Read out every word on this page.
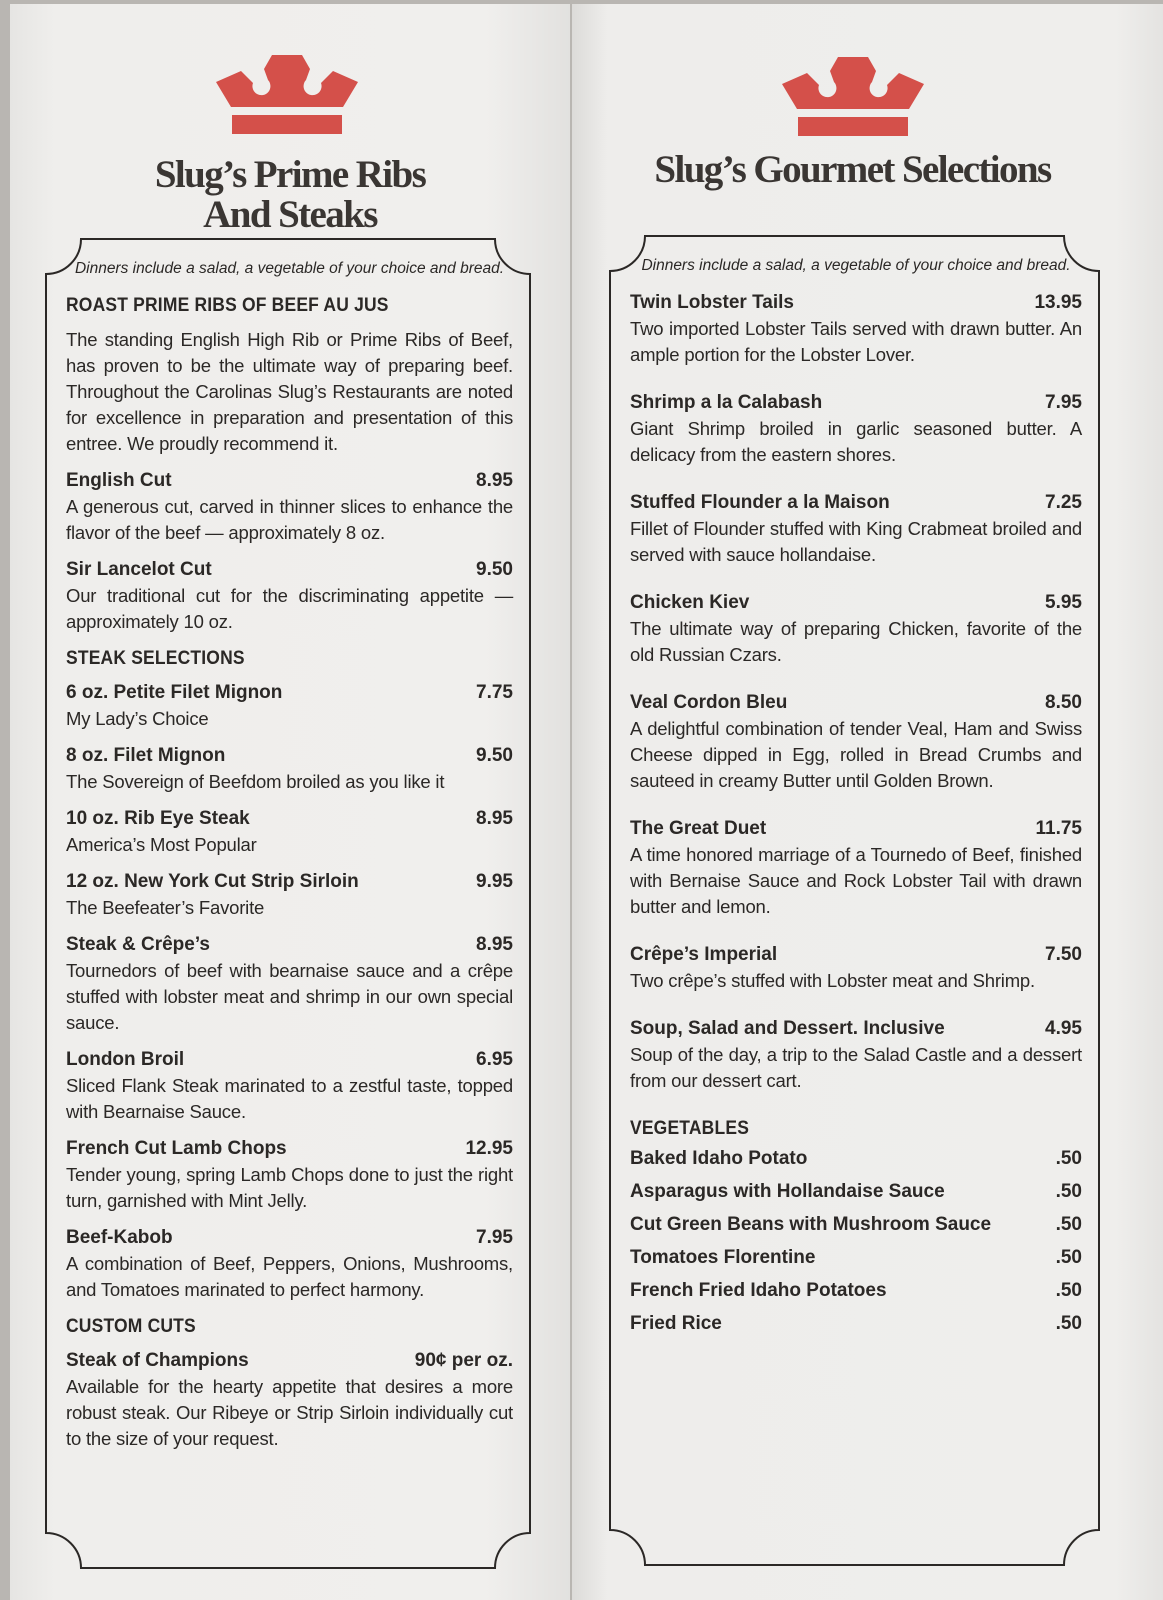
Slug’s Prime Ribs
And Steaks
Slug’s Gourmet Selections
Dinners include a salad, a vegetable of your choice and bread.
ROAST PRIME RIBS OF BEEF AU JUS
The standing English High Rib or Prime Ribs of Beef, has proven to be the ultimate way of preparing beef. Throughout the Carolinas Slug’s Restaurants are noted for excellence in preparation and presentation of this entree. We proudly recommend it.
English Cut	8.95
A generous cut, carved in thinner slices to enhance the flavor of the beef — approximately 8 oz.
Sir Lancelot Cut	9.50
Our traditional cut for the discriminating appetite — approximately 10 oz.
STEAK SELECTIONS
6 oz. Petite Filet Mignon	7.75
My Lady’s Choice
8 oz. Filet Mignon	9.50
The Sovereign of Beefdom broiled as you like it
10 oz. Rib Eye Steak	8.95
America’s Most Popular
12 oz. New York Cut Strip Sirloin	9.95
The Beefeater’s Favorite
Steak & Crêpe’s	8.95
Tournedors of beef with bearnaise sauce and a crêpe stuffed with lobster meat and shrimp in our own special sauce.
London Broil	6.95
Sliced Flank Steak marinated to a zestful taste, topped with Bearnaise Sauce.
French Cut Lamb Chops	12.95
Tender young, spring Lamb Chops done to just the right turn, garnished with Mint Jelly.
Beef-Kabob	7.95
A combination of Beef, Peppers, Onions, Mushrooms, and Tomatoes marinated to perfect harmony.
CUSTOM CUTS
Steak of Champions	90¢ per oz.
Available for the hearty appetite that desires a more robust steak. Our Ribeye or Strip Sirloin individually cut to the size of your request.
Dinners include a salad, a vegetable of your choice and bread.
Twin Lobster Tails	13.95
Two imported Lobster Tails served with drawn butter. An ample portion for the Lobster Lover.
Shrimp a la Calabash	7.95
Giant Shrimp broiled in garlic seasoned butter. A delicacy from the eastern shores.
Stuffed Flounder a la Maison	7.25
Fillet of Flounder stuffed with King Crabmeat broiled and served with sauce hollandaise.
Chicken Kiev	5.95
The ultimate way of preparing Chicken, favorite of the old Russian Czars.
Veal Cordon Bleu	8.50
A delightful combination of tender Veal, Ham and Swiss Cheese dipped in Egg, rolled in Bread Crumbs and sauteed in creamy Butter until Golden Brown.
The Great Duet	11.75
A time honored marriage of a Tournedo of Beef, finished with Bernaise Sauce and Rock Lobster Tail with drawn butter and lemon.
Crêpe’s Imperial	7.50
Two crêpe’s stuffed with Lobster meat and Shrimp.
Soup, Salad and Dessert. Inclusive	4.95
Soup of the day, a trip to the Salad Castle and a dessert from our dessert cart.
VEGETABLES
Baked Idaho Potato	.50
Asparagus with Hollandaise Sauce	.50
Cut Green Beans with Mushroom Sauce	.50
Tomatoes Florentine	.50
French Fried Idaho Potatoes	.50
Fried Rice	.50
